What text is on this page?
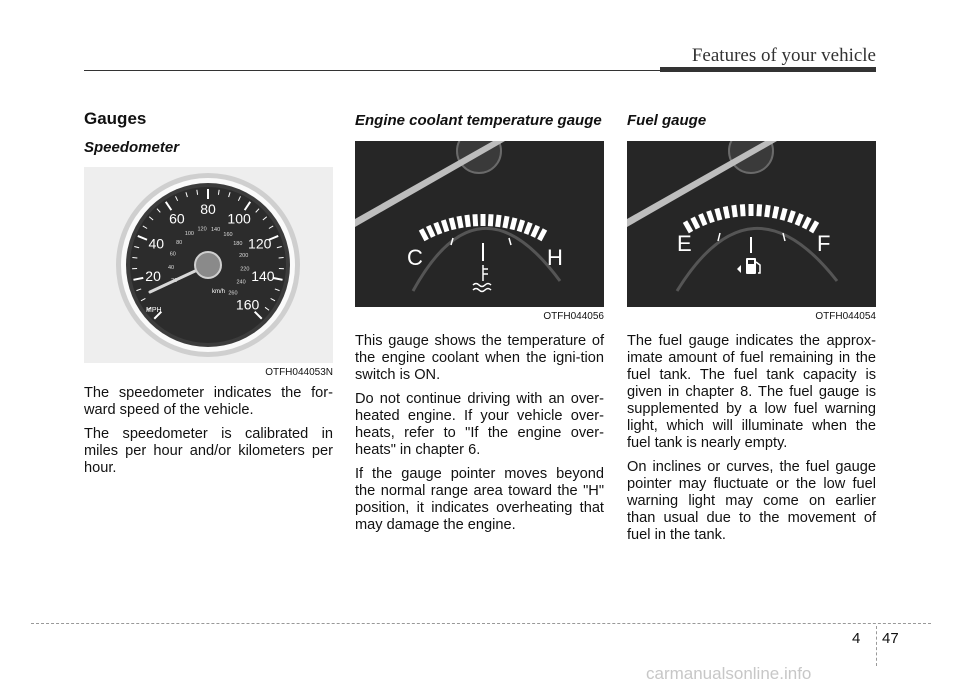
Features of your vehicle
Gauges
Speedometer
20
40
60
80
100
120
140
160
40
60
80
100
120 140
160
180
200
220
240
260
km/h
MPH
OTFH044053N

The speedometer indicates the for-ward speed of the vehicle.

The speedometer is calibrated in miles per hour and/or kilometers per hour.

Engine coolant temperature gauge
C	H
OTFH044056

This gauge shows the temperature of the engine coolant when the igni-tion switch is ON.

Do not continue driving with an over-heated engine. If your vehicle over-heats, refer to "If the engine over-heats" in chapter 6.

If the gauge pointer moves beyond the normal range area toward the "H" position, it indicates overheating that may damage the engine.

Fuel gauge
E	F
OTFH044054

The fuel gauge indicates the approx-imate amount of fuel remaining in the fuel tank. The fuel tank capacity is given in chapter 8. The fuel gauge is supplemented by a low fuel warning light, which will illuminate when the fuel tank is nearly empty.

On inclines or curves, the fuel gauge pointer may fluctuate or the low fuel warning light may come on earlier than usual due to the movement of fuel in the tank.

4 47
carmanualsonline.info
